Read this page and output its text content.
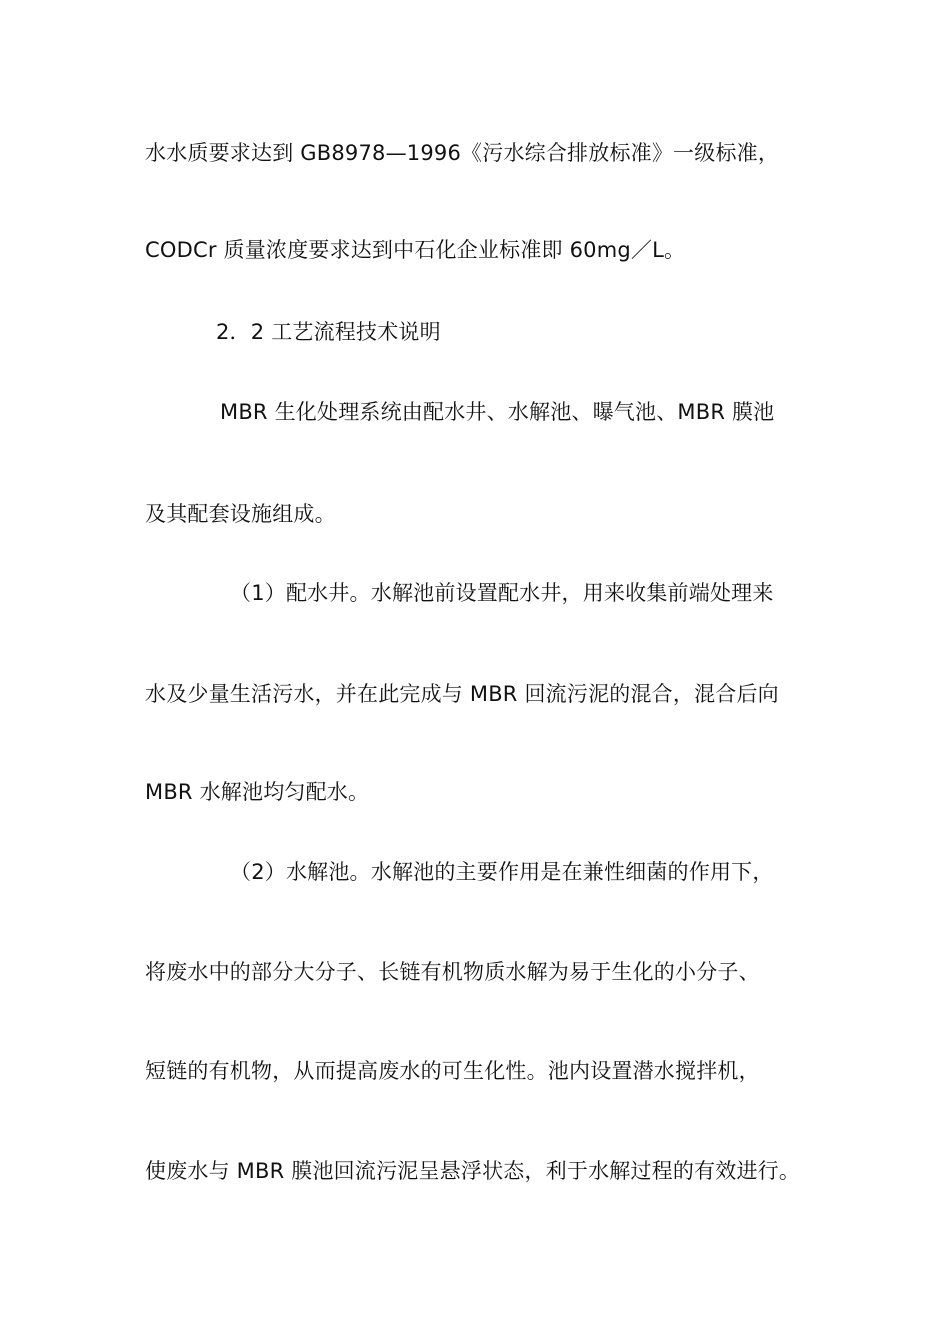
水水质要求达到 GB8978—1996《污水综合排放标准》一级标准，
CODCr 质量浓度要求达到中石化企业标准即 60mg／L。
2．2 工艺流程技术说明
MBR 生化处理系统由配水井、水解池、曝气池、MBR 膜池
及其配套设施组成。
（1）配水井。水解池前设置配水井，用来收集前端处理来
水及少量生活污水，并在此完成与 MBR 回流污泥的混合，混合后向
MBR 水解池均匀配水。
（2）水解池。水解池的主要作用是在兼性细菌的作用下，
将废水中的部分大分子、长链有机物质水解为易于生化的小分子、
短链的有机物，从而提高废水的可生化性。池内设置潜水搅拌机，
使废水与 MBR 膜池回流污泥呈悬浮状态，利于水解过程的有效进行。
